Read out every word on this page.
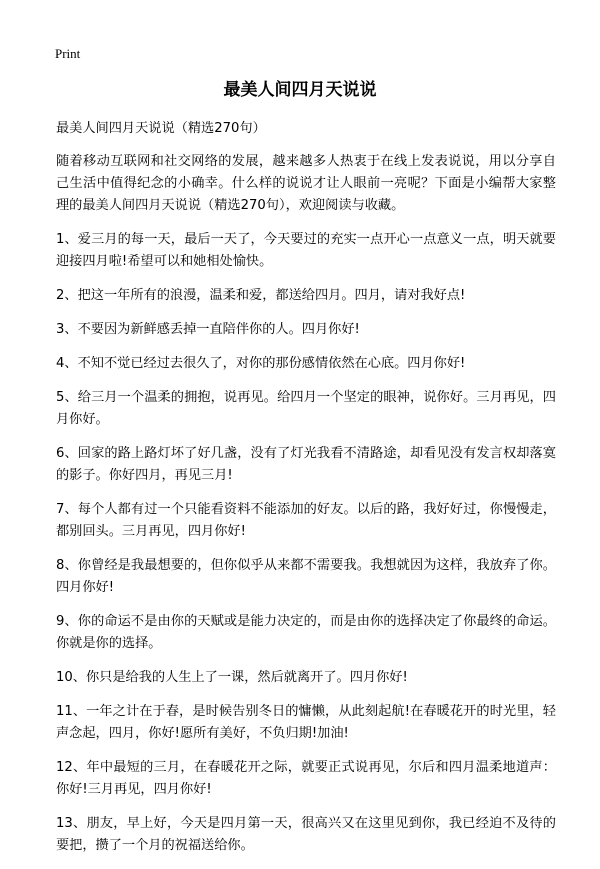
Print
最美人间四月天说说

最美人间四月天说说（精选270句）

随着移动互联网和社交网络的发展，越来越多人热衷于在线上发表说说，用以分享自己生活中值得纪念的小确幸。什么样的说说才让人眼前一亮呢？下面是小编帮大家整理的最美人间四月天说说（精选270句），欢迎阅读与收藏。

1、爱三月的每一天，最后一天了，今天要过的充实一点开心一点意义一点，明天就要迎接四月啦!希望可以和她相处愉快。

2、把这一年所有的浪漫，温柔和爱，都送给四月。四月，请对我好点!

3、不要因为新鲜感丢掉一直陪伴你的人。四月你好!

4、不知不觉已经过去很久了，对你的那份感情依然在心底。四月你好!

5、给三月一个温柔的拥抱，说再见。给四月一个坚定的眼神，说你好。三月再见，四月你好。

6、回家的路上路灯坏了好几盏，没有了灯光我看不清路途，却看见没有发言权却落寞的影子。你好四月，再见三月!

7、每个人都有过一个只能看资料不能添加的好友。以后的路，我好好过，你慢慢走，都别回头。三月再见，四月你好!

8、你曾经是我最想要的，但你似乎从来都不需要我。我想就因为这样，我放弃了你。四月你好!

9、你的命运不是由你的天赋或是能力决定的，而是由你的选择决定了你最终的命运。你就是你的选择。

10、你只是给我的人生上了一课，然后就离开了。四月你好!

11、一年之计在于春，是时候告别冬日的慵懒，从此刻起航!在春暖花开的时光里，轻声念起，四月，你好!愿所有美好，不负归期!加油!

12、年中最短的三月，在春暖花开之际，就要正式说再见，尔后和四月温柔地道声：你好!三月再见，四月你好!

13、朋友，早上好，今天是四月第一天，很高兴又在这里见到你，我已经迫不及待的要把，攒了一个月的祝福送给你。
